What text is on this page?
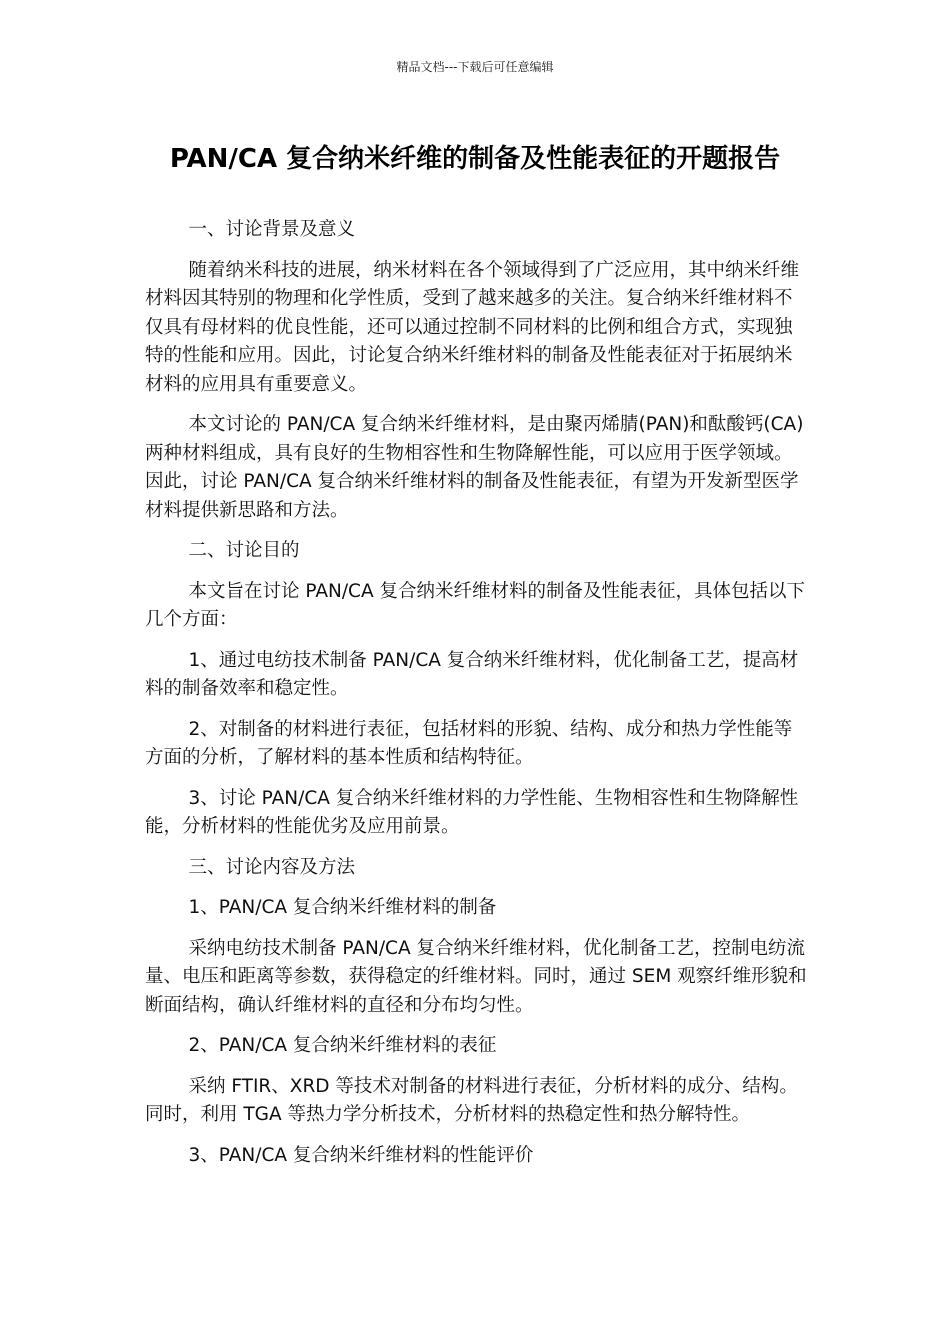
精品文档---下载后可任意编辑
PAN/CA 复合纳米纤维的制备及性能表征的开题报告

一、讨论背景及意义

随着纳米科技的进展，纳米材料在各个领域得到了广泛应用，其中纳米纤维材料因其特别的物理和化学性质，受到了越来越多的关注。复合纳米纤维材料不仅具有母材料的优良性能，还可以通过控制不同材料的比例和组合方式，实现独特的性能和应用。因此，讨论复合纳米纤维材料的制备及性能表征对于拓展纳米材料的应用具有重要意义。

本文讨论的 PAN/CA 复合纳米纤维材料，是由聚丙烯腈(PAN)和酞酸钙(CA)两种材料组成，具有良好的生物相容性和生物降解性能，可以应用于医学领域。因此，讨论 PAN/CA 复合纳米纤维材料的制备及性能表征，有望为开发新型医学材料提供新思路和方法。

二、讨论目的

本文旨在讨论 PAN/CA 复合纳米纤维材料的制备及性能表征，具体包括以下几个方面：

1、通过电纺技术制备 PAN/CA 复合纳米纤维材料，优化制备工艺，提高材料的制备效率和稳定性。

2、对制备的材料进行表征，包括材料的形貌、结构、成分和热力学性能等方面的分析，了解材料的基本性质和结构特征。

3、讨论 PAN/CA 复合纳米纤维材料的力学性能、生物相容性和生物降解性能，分析材料的性能优劣及应用前景。

三、讨论内容及方法

1、PAN/CA 复合纳米纤维材料的制备

采纳电纺技术制备 PAN/CA 复合纳米纤维材料，优化制备工艺，控制电纺流量、电压和距离等参数，获得稳定的纤维材料。同时，通过 SEM 观察纤维形貌和断面结构，确认纤维材料的直径和分布均匀性。

2、PAN/CA 复合纳米纤维材料的表征

采纳 FTIR、XRD 等技术对制备的材料进行表征，分析材料的成分、结构。同时，利用 TGA 等热力学分析技术，分析材料的热稳定性和热分解特性。

3、PAN/CA 复合纳米纤维材料的性能评价
